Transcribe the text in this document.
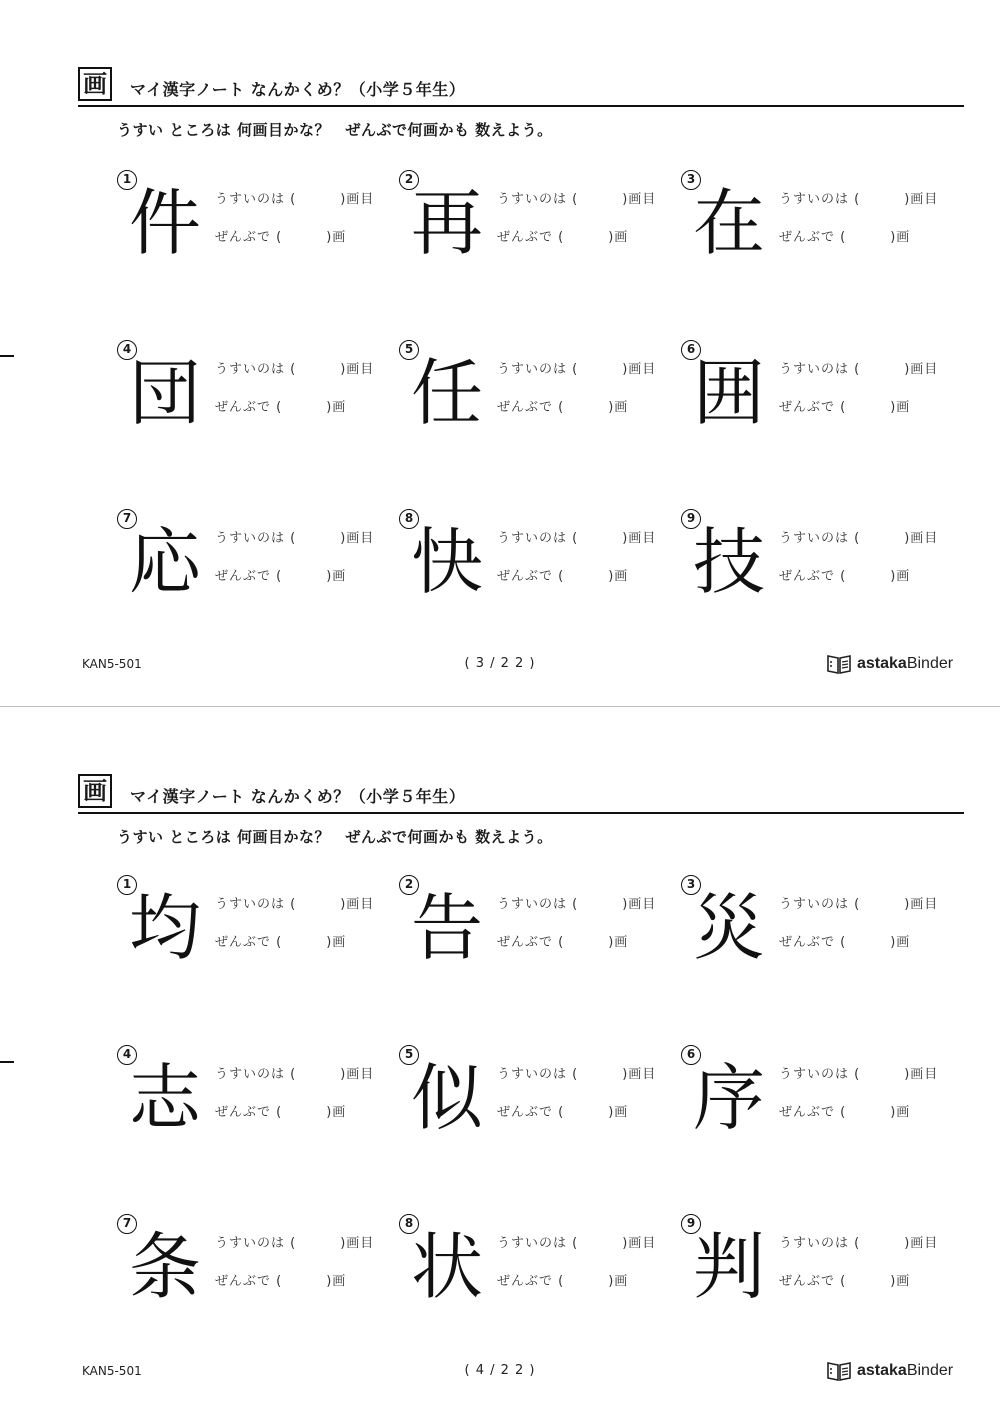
画	マイ漢字ノート なんかくめ？（小学５年生）
うすい ところは 何画目かな？　ぜんぶで何画かも 数えよう。
1
件	うすいのは (	)画目
ぜんぶで (	)画
2
再	うすいのは (	)画目
ぜんぶで (	)画
3
在	うすいのは (	)画目
ぜんぶで (	)画
4
団	うすいのは (	)画目
ぜんぶで (	)画
5
任	うすいのは (	)画目
ぜんぶで (	)画
6
囲	うすいのは (	)画目
ぜんぶで (	)画
7
応	うすいのは (	)画目
ぜんぶで (	)画
8
快	うすいのは (	)画目
ぜんぶで (	)画
9
技	うすいのは (	)画目
ぜんぶで (	)画
KAN5-501	( 3 / 2 2 )	astaka Binder
画	マイ漢字ノート なんかくめ？（小学５年生）
うすい ところは 何画目かな？　ぜんぶで何画かも 数えよう。
1
均	うすいのは (	)画目
ぜんぶで (	)画
2
告	うすいのは (	)画目
ぜんぶで (	)画
3
災	うすいのは (	)画目
ぜんぶで (	)画
4
志	うすいのは (	)画目
ぜんぶで (	)画
5
似	うすいのは (	)画目
ぜんぶで (	)画
6
序	うすいのは (	)画目
ぜんぶで (	)画
7
条	うすいのは (	)画目
ぜんぶで (	)画
8
状	うすいのは (	)画目
ぜんぶで (	)画
9
判	うすいのは (	)画目
ぜんぶで (	)画
KAN5-501	( 4 / 2 2 )	astaka Binder
